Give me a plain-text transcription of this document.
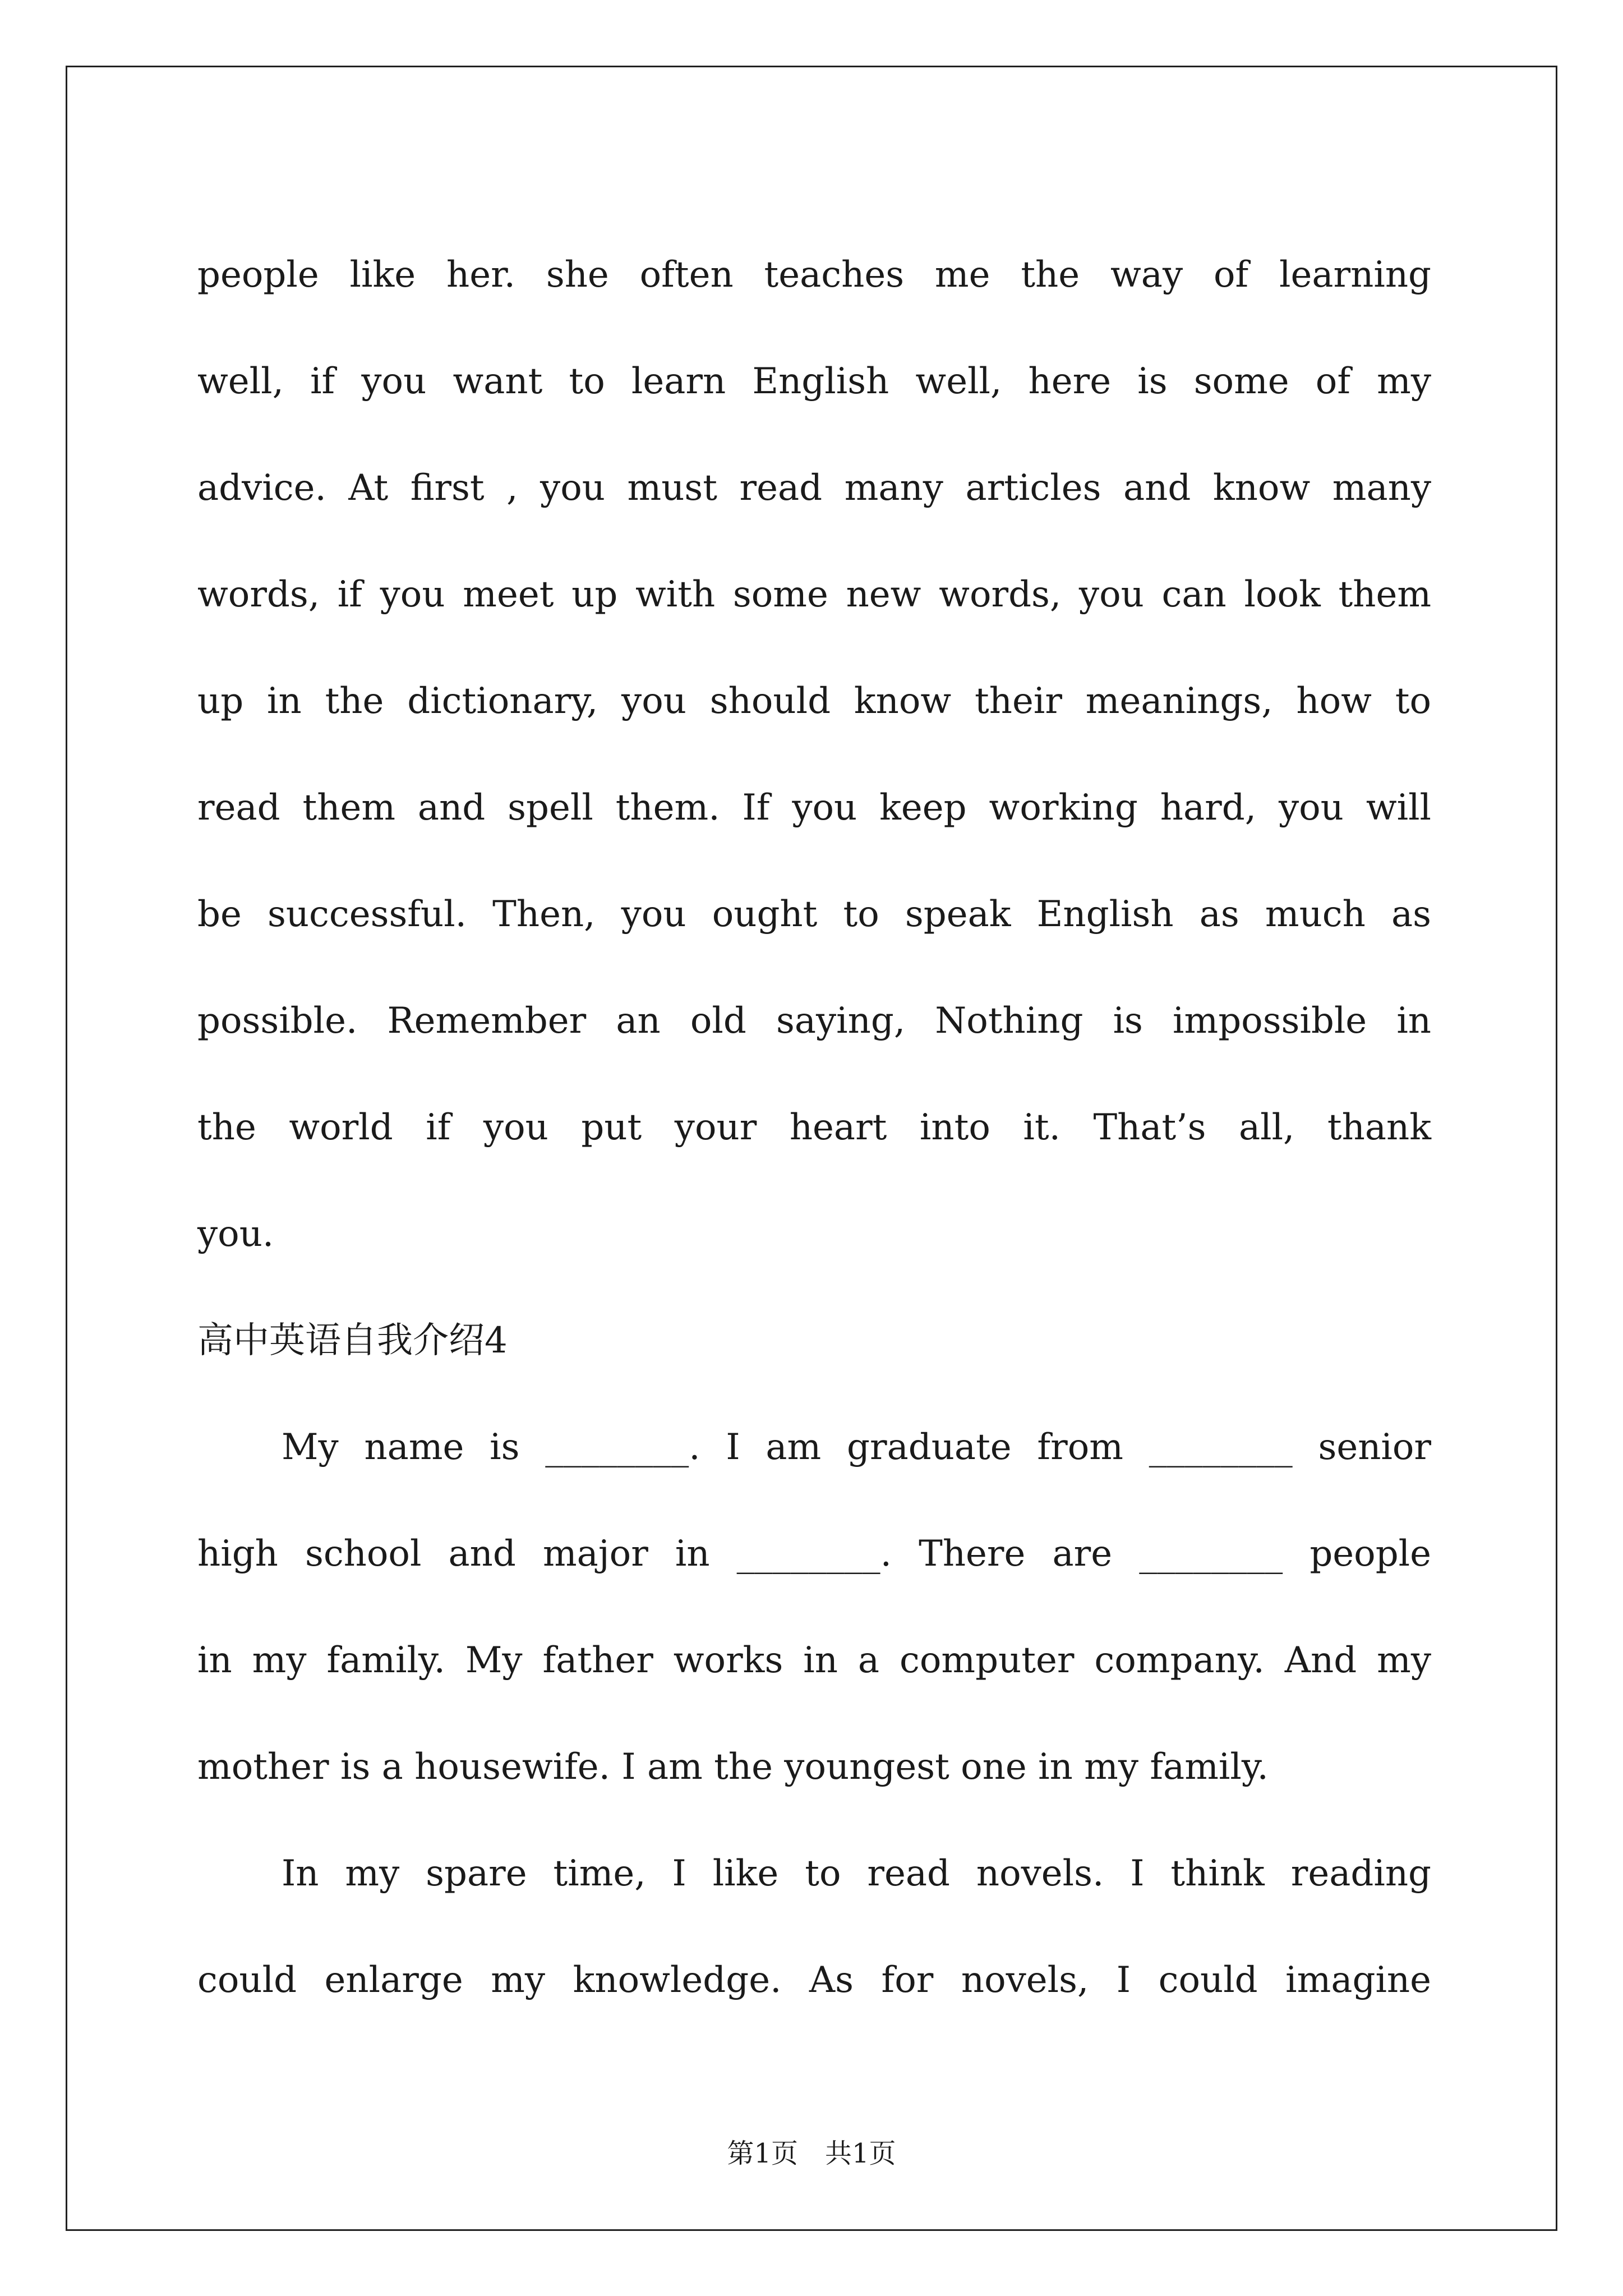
people like her. she often teaches me the way of learning
well, if you want to learn English well, here is some of my
advice. At first , you must read many articles and know many
words, if you meet up with some new words, you can look them
up in the dictionary, you should know their meanings, how to
read them and spell them. If you keep working hard, you will
be successful. Then, you ought to speak English as much as
possible. Remember an old saying, Nothing is impossible in
the world if you put your heart into it. That’s all, thank
you.
高中英语自我介绍4
My name is ________. I am graduate from ________ senior
high school and major in ________. There are ________ people
in my family. My father works in a computer company. And my
mother is a housewife. I am the youngest one in my family.
In my spare time, I like to read novels. I think reading
could enlarge my knowledge. As for novels, I could imagine
第1页　共1页
